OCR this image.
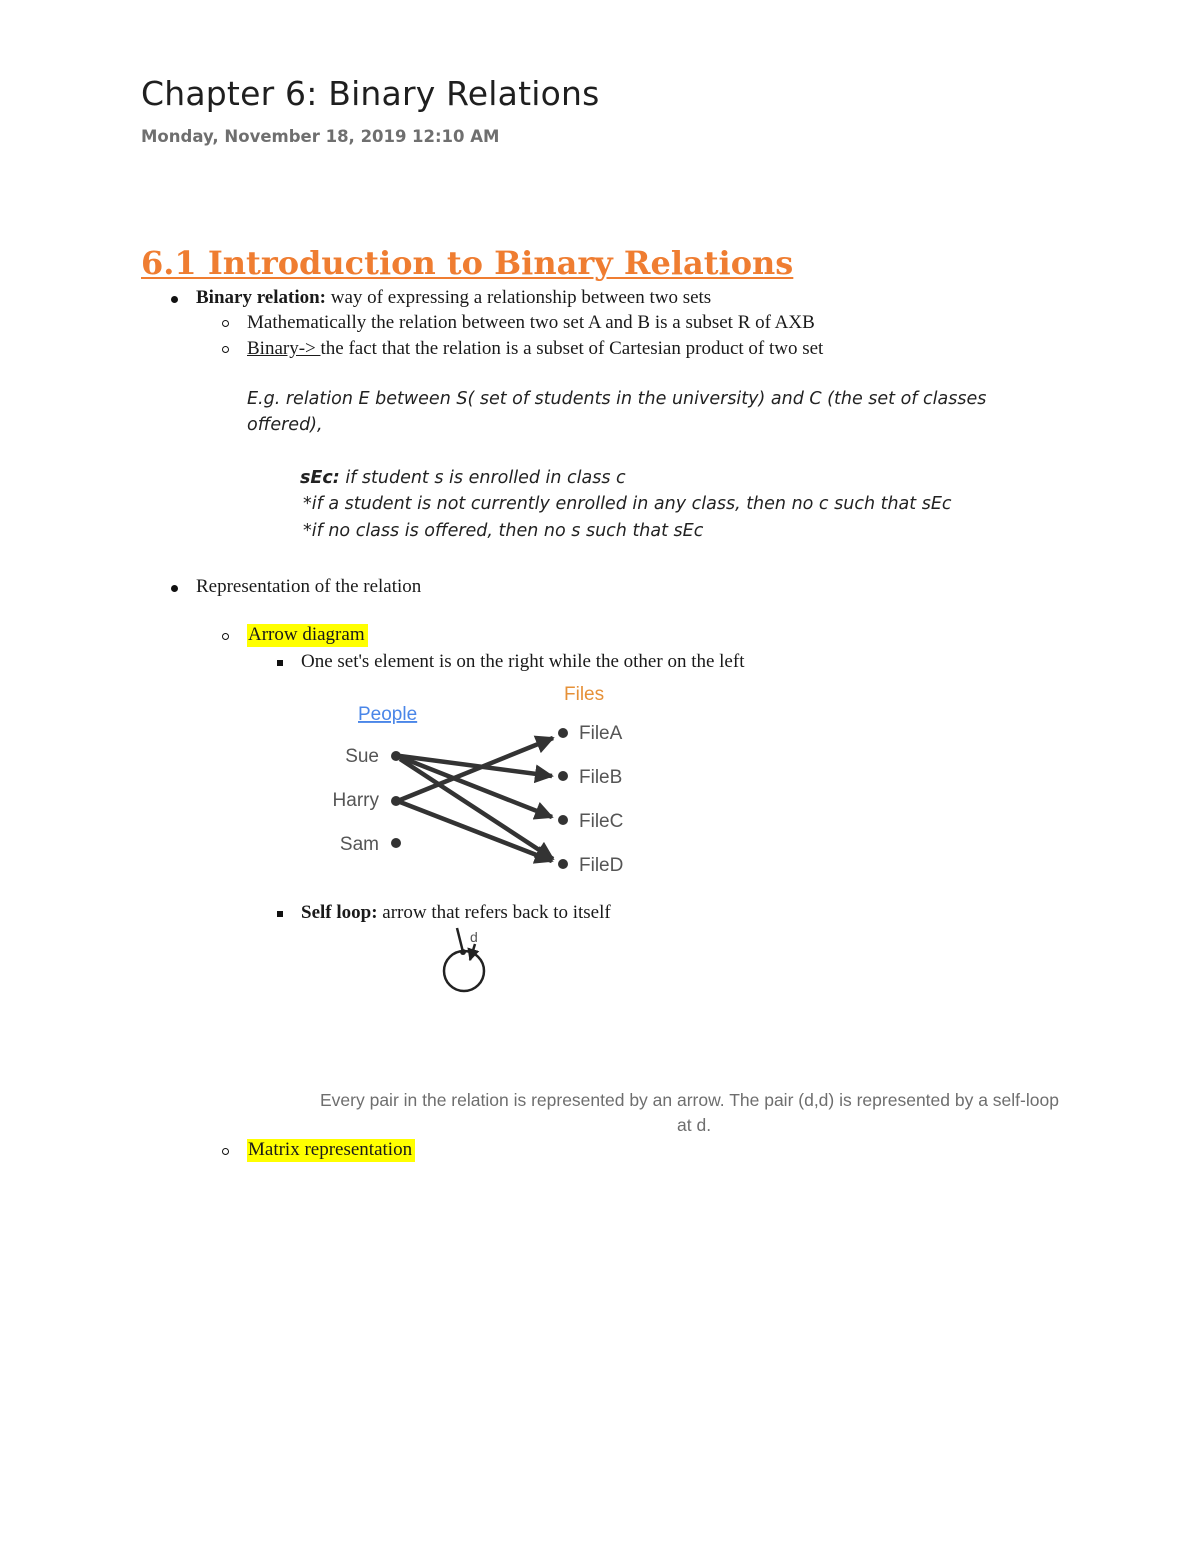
Chapter 6: Binary Relations
Monday, November 18, 2019 12:10 AM
6.1 Introduction to Binary Relations
Binary relation: way of expressing a relationship between two sets
Mathematically the relation between two set A and B is a subset R of AXB
Binary-> the fact that the relation is a subset of Cartesian product of two set
E.g. relation E between S( set of students in the university) and C (the set of classes
offered),
sEc: if student s is enrolled in class c
*if a student is not currently enrolled in any class, then no c such that sEc
*if no class is offered, then no s such that sEc
Representation of the relation
Arrow diagram
One set's element is on the right while the other on the left
People
Files
Sue
Harry
Sam
FileA
FileB
FileC
FileD
Self loop: arrow that refers back to itself
d
Every pair in the relation is represented by an arrow. The pair (d,d) is represented by a self-loop
at d.
Matrix representation
